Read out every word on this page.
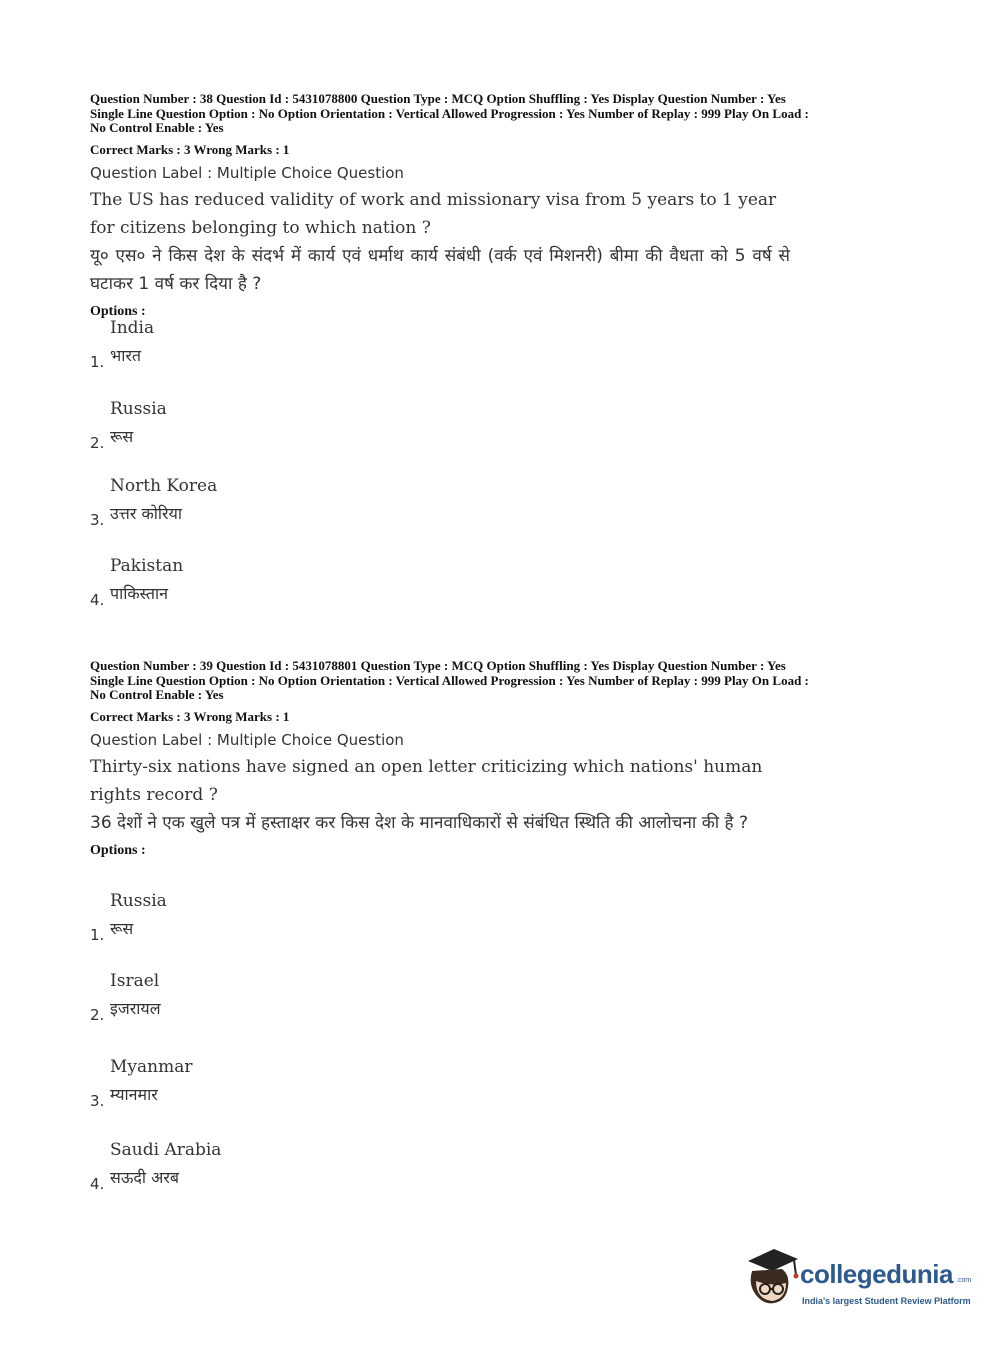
Question Number : 38 Question Id : 5431078800 Question Type : MCQ Option Shuffling : Yes Display Question Number : Yes
Single Line Question Option : No Option Orientation : Vertical Allowed Progression : Yes Number of Replay : 999 Play On Load :
No Control Enable : Yes
Correct Marks : 3 Wrong Marks : 1
Question Label : Multiple Choice Question
The US has reduced validity of work and missionary visa from 5 years to 1 year for citizens belonging to which nation ?
यू० एस० ने किस देश के संदर्भ में कार्य एवं धर्माथ कार्य संबंधी (वर्क एवं मिशनरी) बीमा की वैधता को 5 वर्ष से घटाकर 1 वर्ष कर दिया है ?
Options :
India
भारत
1.
Russia
रूस
2.
North Korea
उत्तर कोरिया
3.
Pakistan
पाकिस्तान
4.
Question Number : 39 Question Id : 5431078801 Question Type : MCQ Option Shuffling : Yes Display Question Number : Yes
Single Line Question Option : No Option Orientation : Vertical Allowed Progression : Yes Number of Replay : 999 Play On Load :
No Control Enable : Yes
Correct Marks : 3 Wrong Marks : 1
Question Label : Multiple Choice Question
Thirty-six nations have signed an open letter criticizing which nations' human rights record ?
36 देशों ने एक खुले पत्र में हस्ताक्षर कर किस देश के मानवाधिकारों से संबंधित स्थिति की आलोचना की है ?
Options :
Russia
रूस
1.
Israel
इजरायल
2.
Myanmar
म्यानमार
3.
Saudi Arabia
सऊदी अरब
4.
collegedunia .com
India's largest Student Review Platform
